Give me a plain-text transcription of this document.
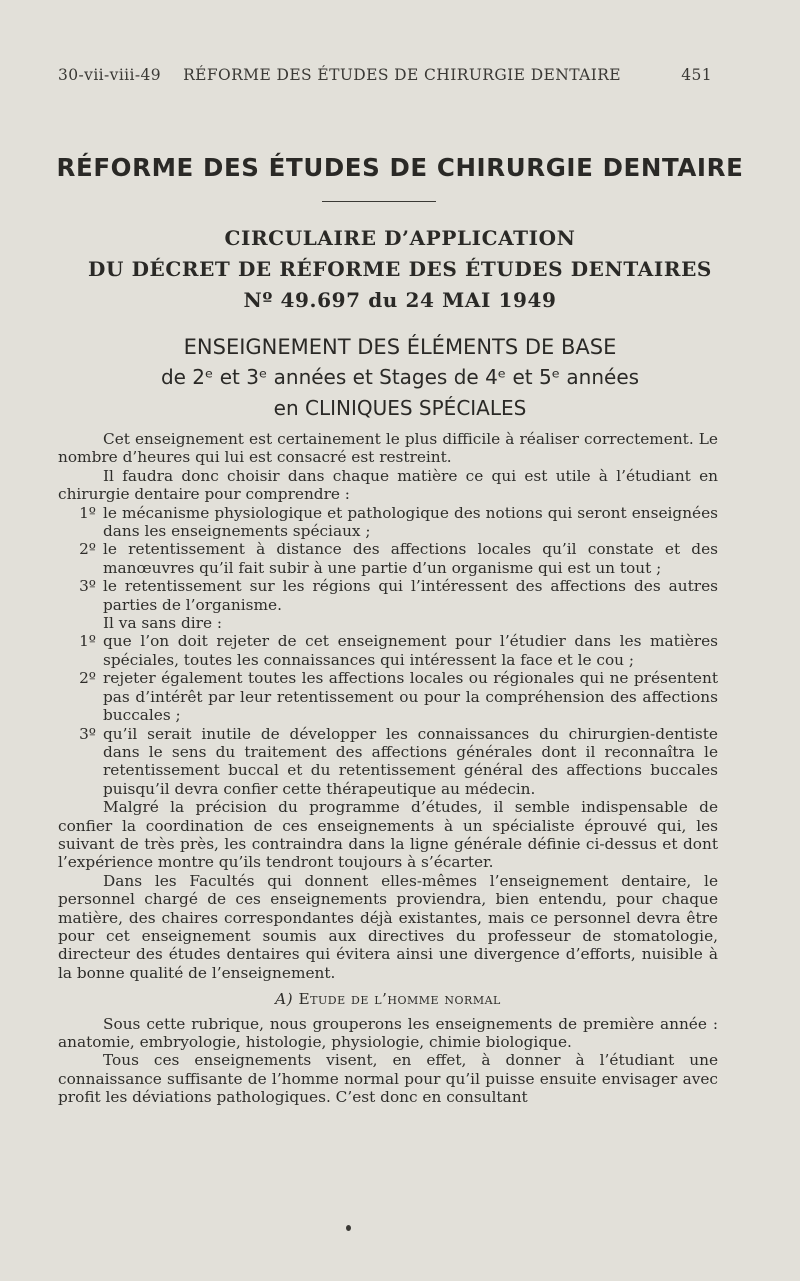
30-vii-viii-49 RÉFORME DES ÉTUDES DE CHIRURGIE DENTAIRE	451
RÉFORME DES ÉTUDES DE CHIRURGIE DENTAIRE
CIRCULAIRE D’APPLICATION
DU DÉCRET DE RÉFORME DES ÉTUDES DENTAIRES
Nº 49.697 du 24 MAI 1949
ENSEIGNEMENT DES ÉLÉMENTS DE BASE
de 2ᵉ et 3ᵉ années et Stages de 4ᵉ et 5ᵉ années
en CLINIQUES SPÉCIALES

Cet enseignement est certainement le plus difficile à réaliser correctement. Le nombre d’heures qui lui est consacré est restreint.

Il faudra donc choisir dans chaque matière ce qui est utile à l’étudiant en chirurgie dentaire pour comprendre :

1º le mécanisme physiologique et pathologique des notions qui seront enseignées dans les enseignements spéciaux ;
2º le retentissement à distance des affections locales qu’il constate et des manœuvres qu’il fait subir à une partie d’un organisme qui est un tout ;
3º le retentissement sur les régions qui l’intéressent des affections des autres parties de l’organisme.

Il va sans dire :

1º que l’on doit rejeter de cet enseignement pour l’étudier dans les matières spéciales, toutes les connaissances qui intéressent la face et le cou ;
2º rejeter également toutes les affections locales ou régionales qui ne présentent pas d’intérêt par leur retentissement ou pour la compréhension des affections buccales ;
3º qu’il serait inutile de développer les connaissances du chirurgien-dentiste dans le sens du traitement des affections générales dont il reconnaîtra le retentissement buccal et du retentissement général des affections buccales puisqu’il devra confier cette thérapeutique au médecin.

Malgré la précision du programme d’études, il semble indispensable de confier la coordination de ces enseignements à un spécialiste éprouvé qui, les suivant de très près, les contraindra dans la ligne générale définie ci-dessus et dont l’expérience montre qu’ils tendront toujours à s’écarter.

Dans les Facultés qui donnent elles-mêmes l’enseignement dentaire, le personnel chargé de ces enseignements proviendra, bien entendu, pour chaque matière, des chaires correspondantes déjà existantes, mais ce personnel devra être pour cet enseignement soumis aux directives du professeur de stomatologie, directeur des études dentaires qui évitera ainsi une divergence d’efforts, nuisible à la bonne qualité de l’enseignement.

A) Etude de l’homme normal

Sous cette rubrique, nous grouperons les enseignements de première année : anatomie, embryologie, histologie, physiologie, chimie biologique.

Tous ces enseignements visent, en effet, à donner à l’étudiant une connaissance suffisante de l’homme normal pour qu’il puisse ensuite envisager avec profit les déviations pathologiques. C’est donc en consultant
